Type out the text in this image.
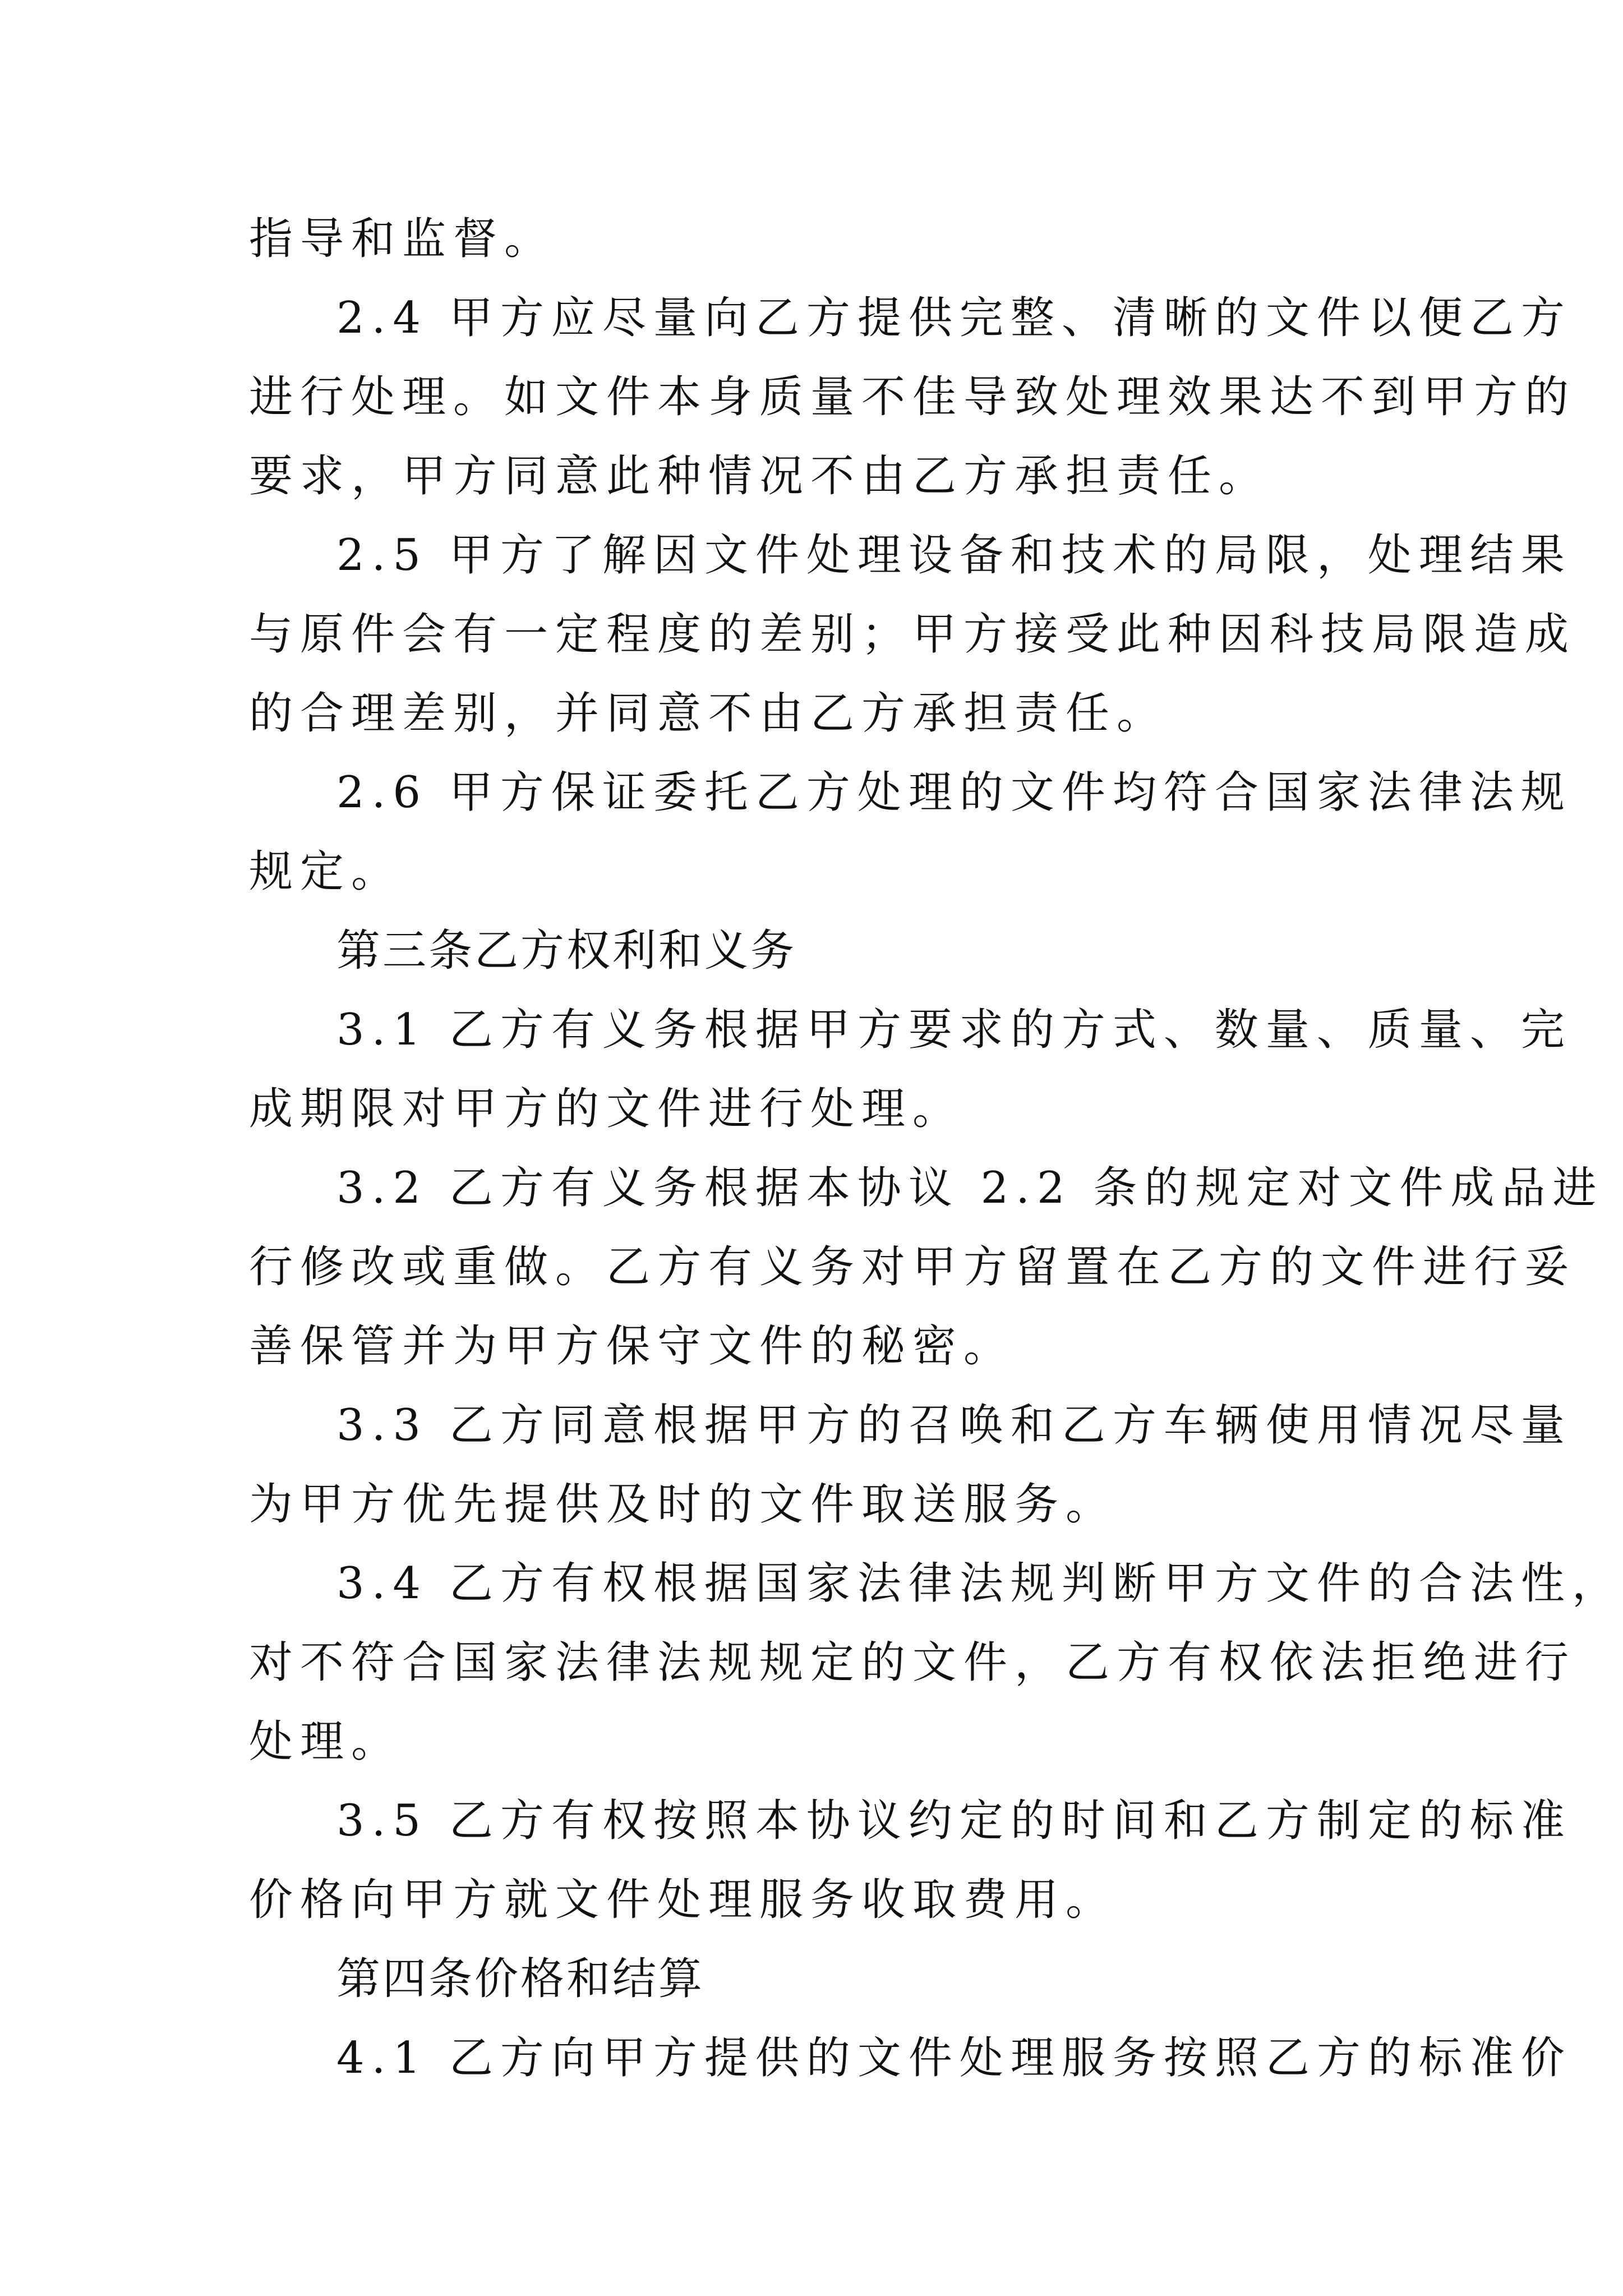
指导和监督。
2.4 甲方应尽量向乙方提供完整、清晰的文件以便乙方
进行处理。如文件本身质量不佳导致处理效果达不到甲方的
要求，甲方同意此种情况不由乙方承担责任。
2.5 甲方了解因文件处理设备和技术的局限，处理结果
与原件会有一定程度的差别；甲方接受此种因科技局限造成
的合理差别，并同意不由乙方承担责任。
2.6 甲方保证委托乙方处理的文件均符合国家法律法规
规定。
第三条乙方权利和义务
3.1 乙方有义务根据甲方要求的方式、数量、质量、完
成期限对甲方的文件进行处理。
3.2 乙方有义务根据本协议 2.2 条的规定对文件成品进
行修改或重做。乙方有义务对甲方留置在乙方的文件进行妥
善保管并为甲方保守文件的秘密。
3.3 乙方同意根据甲方的召唤和乙方车辆使用情况尽量
为甲方优先提供及时的文件取送服务。
3.4 乙方有权根据国家法律法规判断甲方文件的合法性，
对不符合国家法律法规规定的文件，乙方有权依法拒绝进行
处理。
3.5 乙方有权按照本协议约定的时间和乙方制定的标准
价格向甲方就文件处理服务收取费用。
第四条价格和结算
4.1 乙方向甲方提供的文件处理服务按照乙方的标准价
